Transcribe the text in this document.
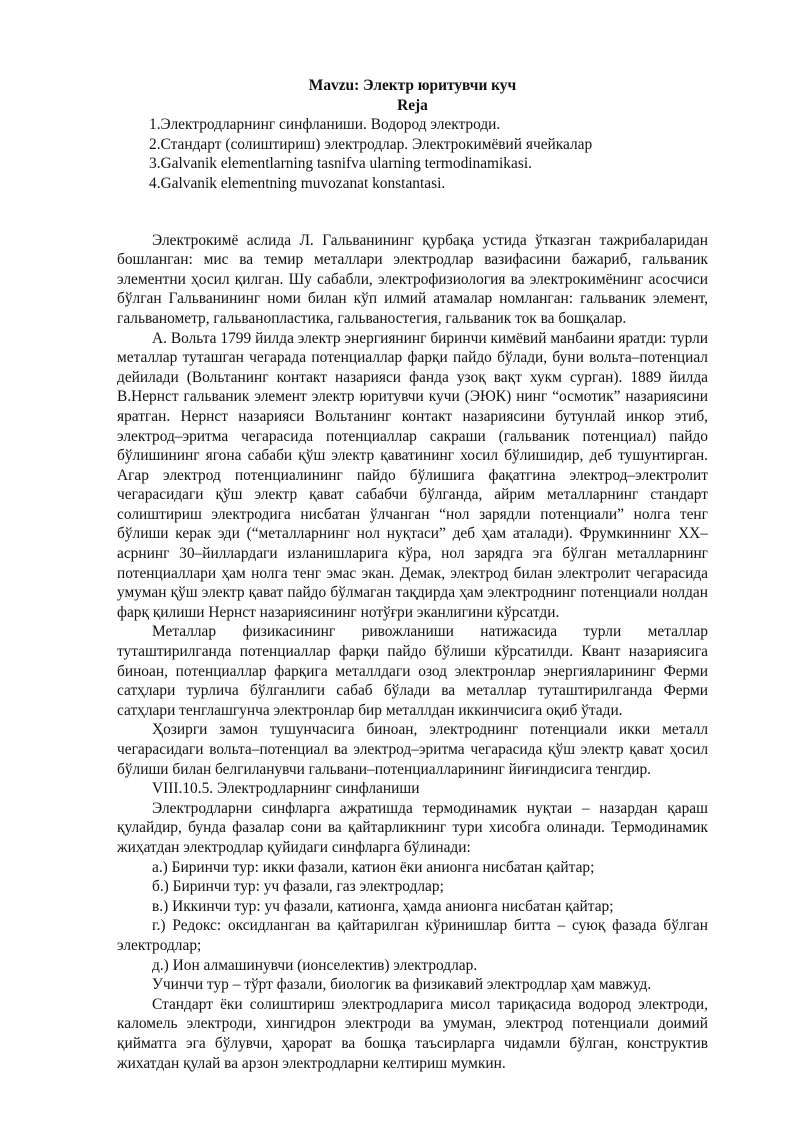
Mavzu: Электр юритувчи куч

Reja

1.Электродларнинг синфланиши. Водород электроди.
2.Стандарт (солиштириш) электродлар. Электрокимёвий ячейкалар
3.Galvanik elementlarning tasnifva ularning termodinamikasi.
4.Galvanik elementning muvozanat konstantasi.

Электрокимё аслида Л. Гальванининг қурбақа устида ўтказган тажрибаларидан бошланган: мис ва темир металлари электродлар вазифасини бажариб, гальваник элементни ҳосил қилган. Шу сабабли, электрофизиология ва электрокимёнинг асосчиси бўлган Гальванининг номи билан кўп илмий атамалар номланган: гальваник элемент, гальванометр, гальванопластика, гальваностегия, гальваник ток ва бошқалар.

А. Вольта 1799 йилда электр энергиянинг биринчи кимёвий манбаини яратди: турли металлар туташган чегарада потенциаллар фарқи пайдо бўлади, буни вольта–потенциал дейилади (Вольтанинг контакт назарияси фанда узоқ вақт хукм сурган). 1889 йилда В.Нернст гальваник элемент электр юритувчи кучи (ЭЮК) нинг “осмотик” назариясини яратган. Нернст назарияси Вольтанинг контакт назариясини бутунлай инкор этиб, электрод–эритма чегарасида потенциаллар сакраши (гальваник потенциал) пайдо бўлишининг ягона сабаби қўш электр қаватининг хосил бўлишидир, деб тушунтирган. Агар электрод потенциалининг пайдо бўлишига фақатгина электрод–электролит чегарасидаги қўш электр қават сабабчи бўлганда, айрим металларнинг стандарт солиштириш электродига нисбатан ўлчанган “нол зарядли потенциали” нолга тенг бўлиши керак эди (“металларнинг нол нуқтаси” деб ҳам аталади). Фрумкиннинг XX–асрнинг 30–йиллардаги изланишларига кўра, нол зарядга эга бўлган металларнинг потенциаллари ҳам нолга тенг эмас экан. Демак, электрод билан электролит чегарасида умуман қўш электр қават пайдо бўлмаган тақдирда ҳам электроднинг потенциали нолдан фарқ қилиши Нернст назариясининг нотўғри эканлигини кўрсатди.

Металлар физикасининг ривожланиши натижасида турли металлар туташтирилганда потенциаллар фарқи пайдо бўлиши кўрсатилди. Квант назариясига биноан, потенциаллар фарқига металлдаги озод электронлар энергияларининг Ферми сатҳлари турлича бўлганлиги сабаб бўлади ва металлар туташтирилганда Ферми сатҳлари тенглашгунча электронлар бир металлдан иккинчисига оқиб ўтади.

Ҳозирги замон тушунчасига биноан, электроднинг потенциали икки металл чегарасидаги вольта–потенциал ва электрод–эритма чегарасида қўш электр қават ҳосил бўлиши билан белгиланувчи гальвани–потенциалларининг йиғиндисига тенгдир.

VIII.10.5. Электродларнинг синфланиши

Электродларни синфларга ажратишда термодинамик нуқтаи – назардан қараш қулайдир, бунда фазалар сони ва қайтарликнинг тури хисобга олинади. Термодинамик жиҳатдан электродлар қуйидаги синфларга бўлинади:

а.) Биринчи тур: икки фазали, катион ёки анионга нисбатан қайтар;

б.) Биринчи тур: уч фазали, газ электродлар;

в.) Иккинчи тур: уч фазали, катионга, ҳамда анионга нисбатан қайтар;

г.) Редокс: оксидланган ва қайтарилган кўринишлар битта – суюқ фазада бўлган электродлар;

д.) Ион алмашинувчи (ионселектив) электродлар.

Учинчи тур – тўрт фазали, биологик ва физикавий электродлар ҳам мавжуд.

Стандарт ёки солиштириш электродларига мисол тариқасида водород электроди, каломель электроди, хингидрон электроди ва умуман, электрод потенциали доимий қийматга эга бўлувчи, ҳарорат ва бошқа таъсирларга чидамли бўлган, конструктив жихатдан қулай ва арзон электродларни келтириш мумкин.
